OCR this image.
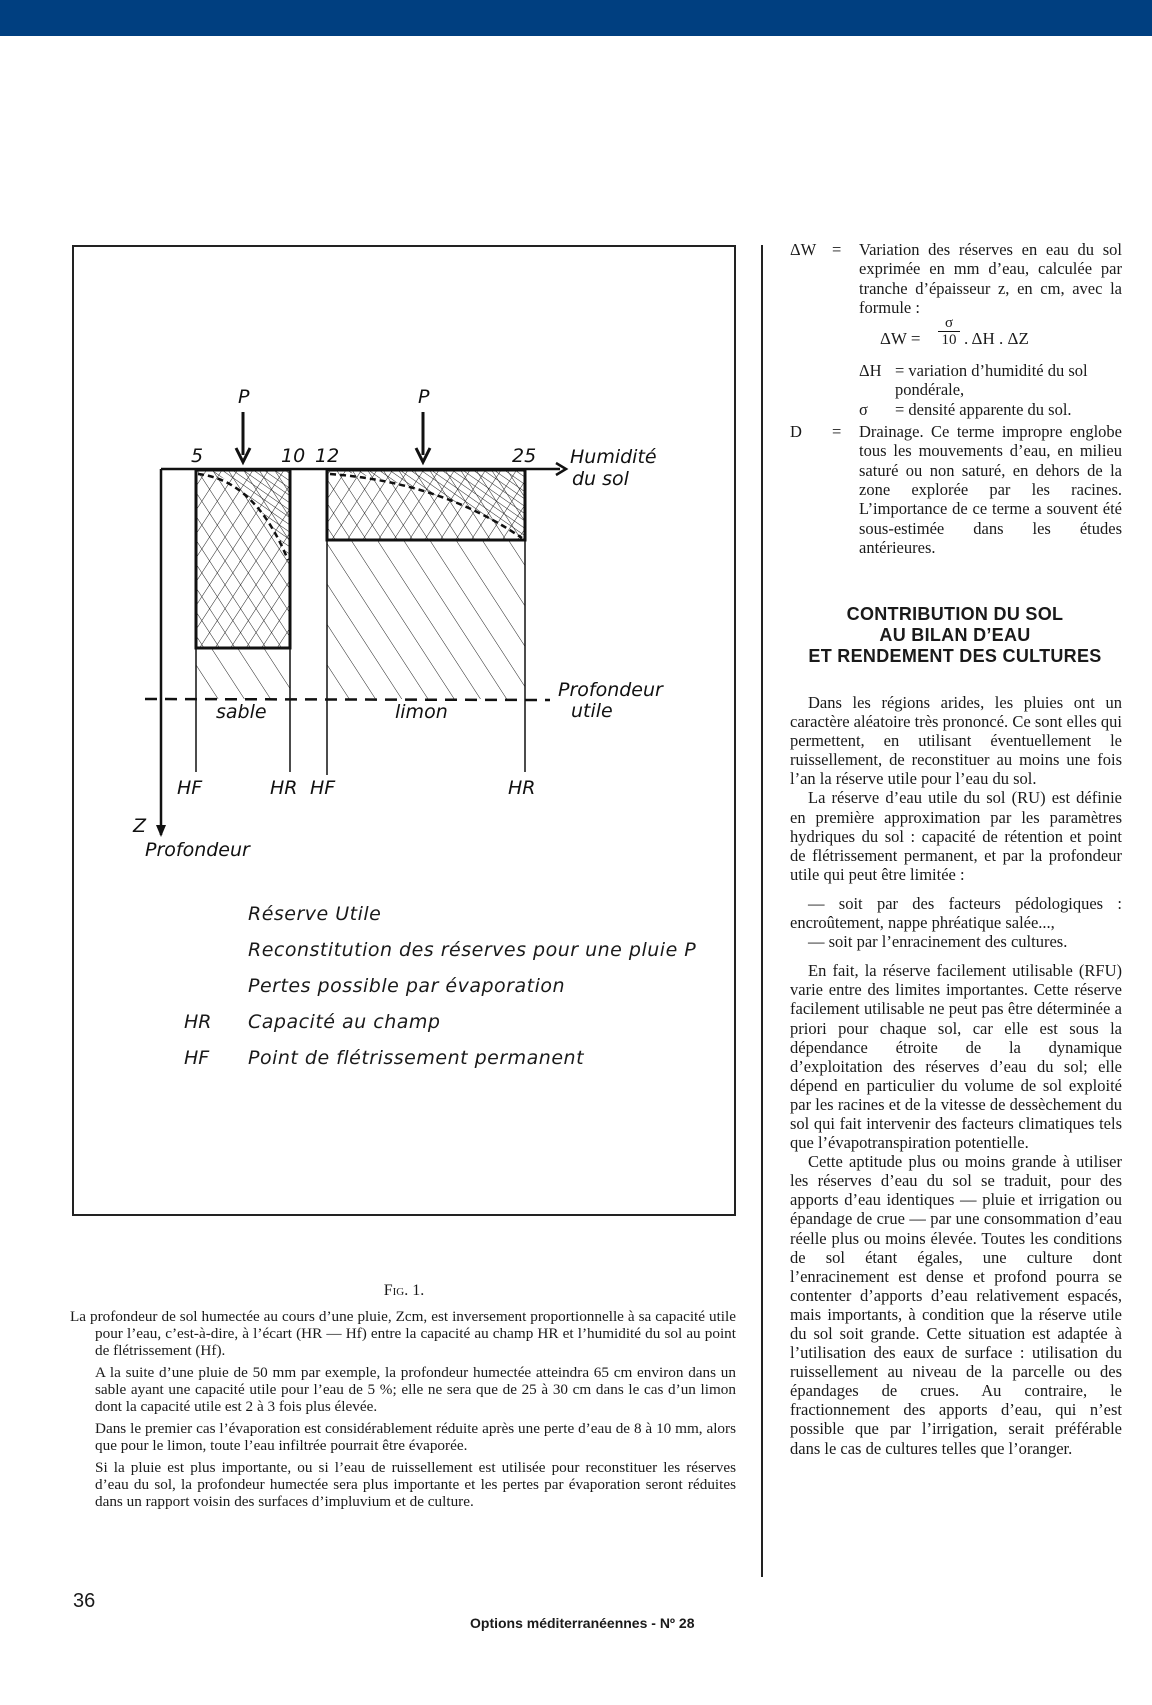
P	P
5	10 12	25 Humidité
du sol
sable	limon
Profondeur
utile
HF	HR HF	HR
Z
Profondeur
Réserve Utile
Reconstitution des réserves pour une pluie P
Pertes possible par évaporation
HR Capacité au champ
HF Point de flétrissement permanent
Fig. 1.

La profondeur de sol humectée au cours d’une pluie, Zcm, est inversement proportionnelle à sa capacité utile pour l’eau, c’est-à-dire, à l’écart (HR — Hf) entre la capacité au champ HR et l’humidité du sol au point de flétrissement (Hf).

A la suite d’une pluie de 50 mm par exemple, la profondeur humectée atteindra 65 cm environ dans un sable ayant une capacité utile pour l’eau de 5 %; elle ne sera que de 25 à 30 cm dans le cas d’un limon dont la capacité utile est 2 à 3 fois plus élevée.

Dans le premier cas l’évaporation est considérablement réduite après une perte d’eau de 8 à 10 mm, alors que pour le limon, toute l’eau infiltrée pourrait être évaporée.

Si la pluie est plus importante, ou si l’eau de ruissellement est utilisée pour reconstituer les réserves d’eau du sol, la profondeur humectée sera plus importante et les pertes par évaporation seront réduites dans un rapport voisin des surfaces d’impluvium et de culture.

ΔW = Variation des réserves en eau du sol exprimée en mm d’eau, calculée par tranche d’épaisseur z, en cm, avec la formule :
$\Delta W = \frac{\sigma}{10}$ . ΔH . ΔZ
ΔH = variation d’humidité du sol pondérale,
σ = densité apparente du sol.
D = Drainage. Ce terme impropre englobe tous les mouvements d’eau, en milieu saturé ou non saturé, en dehors de la zone explorée par les racines. L’importance de ce terme a souvent été sous-estimée dans les études antérieures.
CONTRIBUTION DU SOL
AU BILAN D’EAU
ET RENDEMENT DES CULTURES

Dans les régions arides, les pluies ont un caractère aléatoire très prononcé. Ce sont elles qui permettent, en utilisant éventuellement le ruissellement, de reconstituer au moins une fois l’an la réserve utile pour l’eau du sol.

La réserve d’eau utile du sol (RU) est définie en première approximation par les paramètres hydriques du sol : capacité de rétention et point de flétrissement permanent, et par la profondeur utile qui peut être limitée :

— soit par des facteurs pédologiques : encroûtement, nappe phréatique salée...,

— soit par l’enracinement des cultures.

En fait, la réserve facilement utilisable (RFU) varie entre des limites importantes. Cette réserve facilement utilisable ne peut pas être déterminée a priori pour chaque sol, car elle est sous la dépendance étroite de la dynamique d’exploitation des réserves d’eau du sol; elle dépend en particulier du volume de sol exploité par les racines et de la vitesse de dessèchement du sol qui fait intervenir des facteurs climatiques tels que l’évapotranspiration potentielle.

Cette aptitude plus ou moins grande à utiliser les réserves d’eau du sol se traduit, pour des apports d’eau identiques — pluie et irrigation ou épandage de crue — par une consommation d’eau réelle plus ou moins élevée. Toutes les conditions de sol étant égales, une culture dont l’enracinement est dense et profond pourra se contenter d’apports d’eau relativement espacés, mais importants, à condition que la réserve utile du sol soit grande. Cette situation est adaptée à l’utilisation des eaux de surface : utilisation du ruissellement au niveau de la parcelle ou des épandages de crues. Au contraire, le fractionnement des apports d’eau, qui n’est possible que par l’irrigation, serait préférable dans le cas de cultures telles que l’oranger.

36
Options méditerranéennes - Nº 28
